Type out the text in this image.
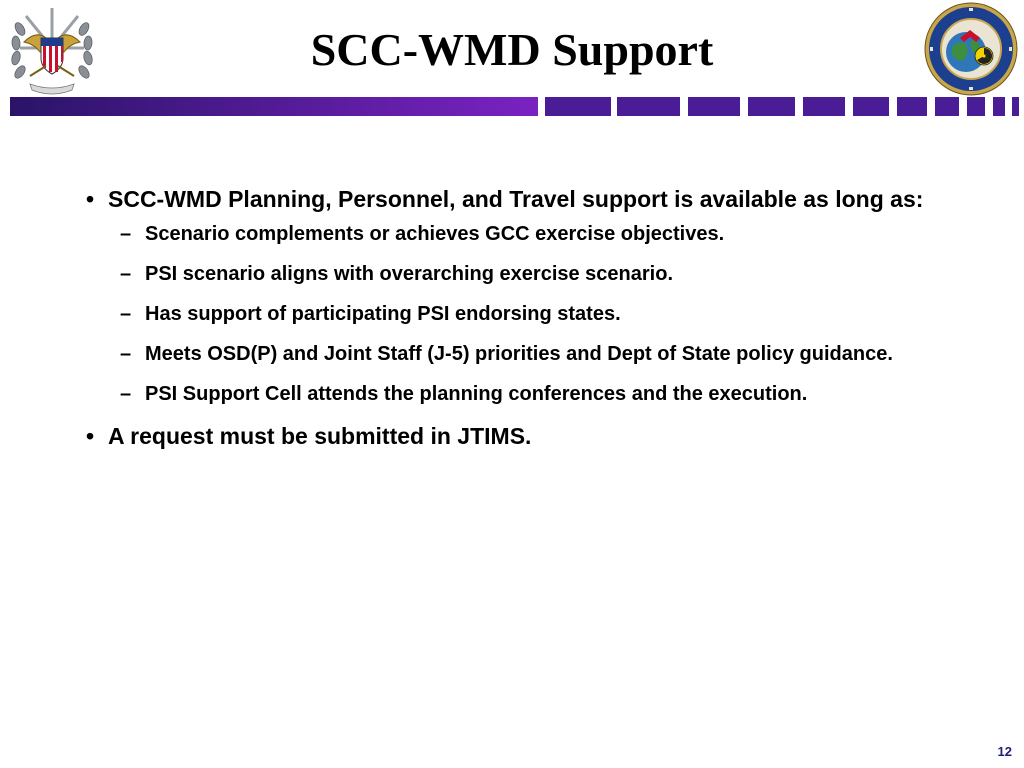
SCC-WMD Support
• SCC-WMD Planning, Personnel, and Travel support is available as long as:
– Scenario complements or achieves GCC exercise objectives.
– PSI scenario aligns with overarching exercise scenario.
– Has support of participating PSI endorsing states.
– Meets OSD(P) and Joint Staff (J-5) priorities and Dept of State policy guidance.
– PSI Support Cell attends the planning conferences and the execution.
• A request must be submitted in JTIMS.
12
